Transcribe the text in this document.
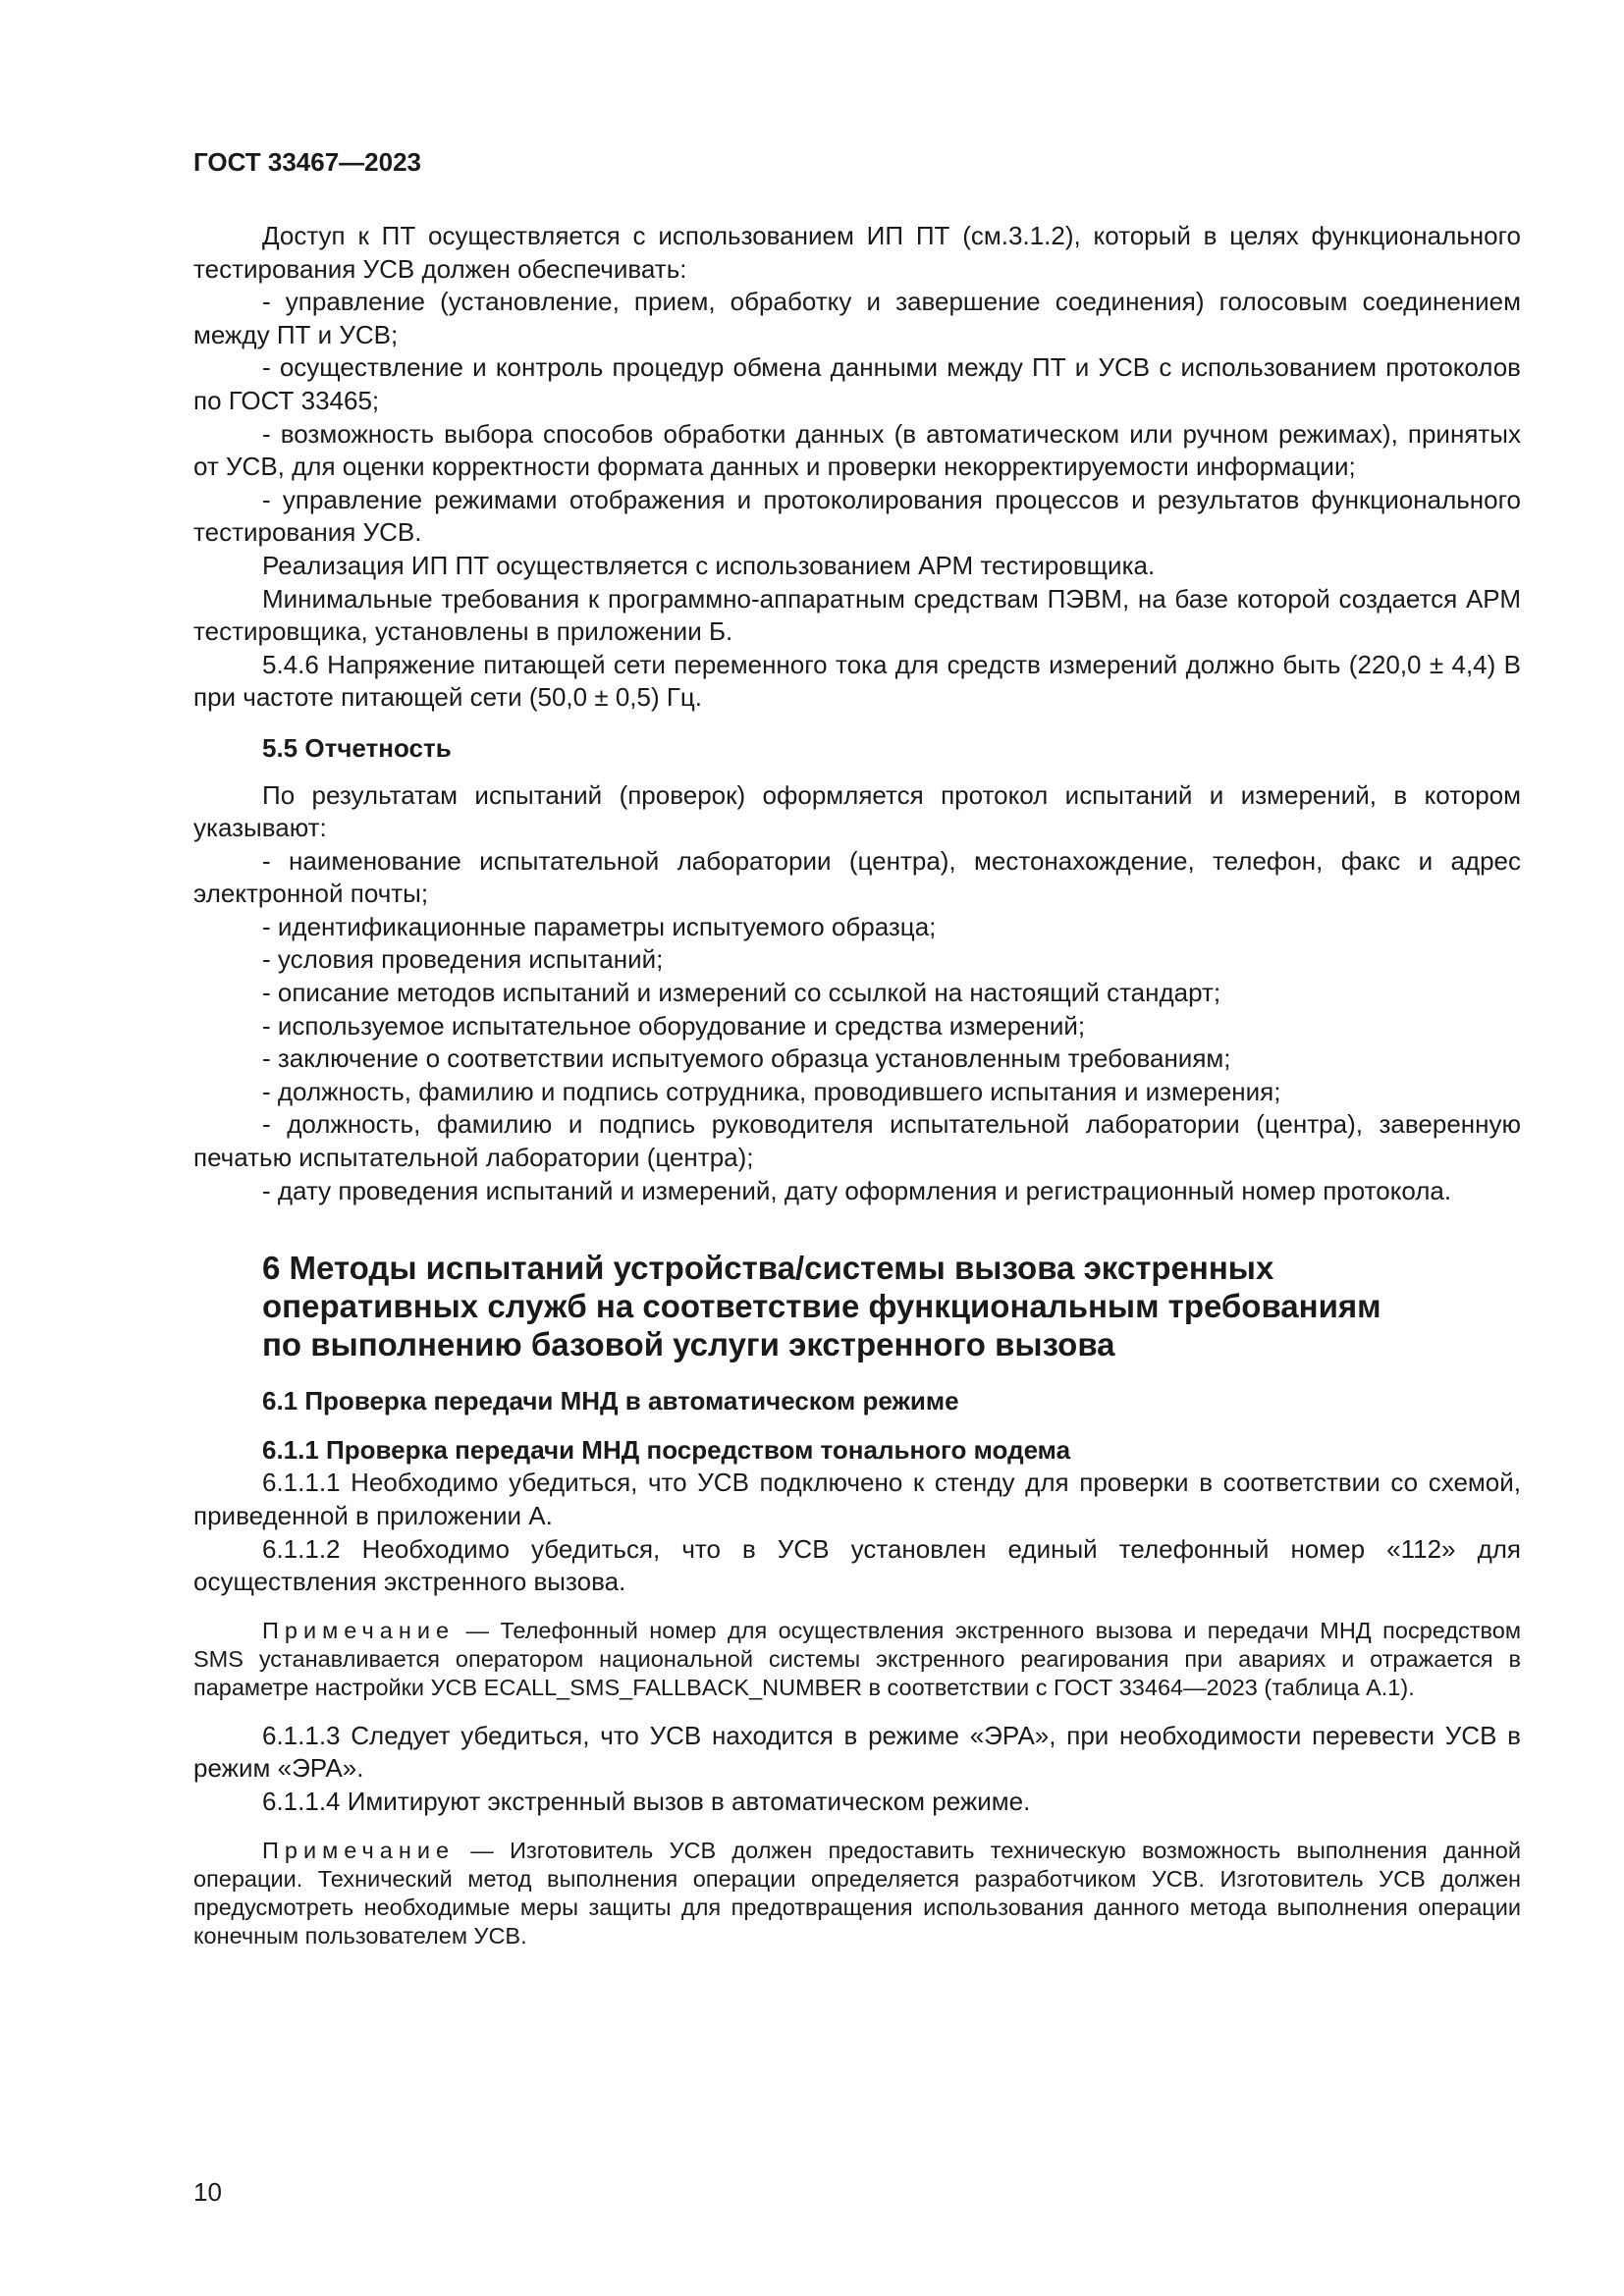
ГОСТ 33467—2023

Доступ к ПТ осуществляется с использованием ИП ПТ (см.3.1.2), который в целях функционального тестирования УСВ должен обеспечивать:

- управление (установление, прием, обработку и завершение соединения) голосовым соединением между ПТ и УСВ;

- осуществление и контроль процедур обмена данными между ПТ и УСВ с использованием протоколов по ГОСТ 33465;

- возможность выбора способов обработки данных (в автоматическом или ручном режимах), принятых от УСВ, для оценки корректности формата данных и проверки некорректируемости информации;

- управление режимами отображения и протоколирования процессов и результатов функционального тестирования УСВ.

Реализация ИП ПТ осуществляется с использованием АРМ тестировщика.

Минимальные требования к программно-аппаратным средствам ПЭВМ, на базе которой создается АРМ тестировщика, установлены в приложении Б.

5.4.6 Напряжение питающей сети переменного тока для средств измерений должно быть (220,0 ± 4,4) В при частоте питающей сети (50,0 ± 0,5) Гц.

5.5 Отчетность

По результатам испытаний (проверок) оформляется протокол испытаний и измерений, в котором указывают:

- наименование испытательной лаборатории (центра), местонахождение, телефон, факс и адрес электронной почты;

- идентификационные параметры испытуемого образца;

- условия проведения испытаний;

- описание методов испытаний и измерений со ссылкой на настоящий стандарт;

- используемое испытательное оборудование и средства измерений;

- заключение о соответствии испытуемого образца установленным требованиям;

- должность, фамилию и подпись сотрудника, проводившего испытания и измерения;

- должность, фамилию и подпись руководителя испытательной лаборатории (центра), заверенную печатью испытательной лаборатории (центра);

- дату проведения испытаний и измерений, дату оформления и регистрационный номер протокола.

6 Методы испытаний устройства/системы вызова экстренных
оперативных служб на соответствие функциональным требованиям
по выполнению базовой услуги экстренного вызова

6.1 Проверка передачи МНД в автоматическом режиме

6.1.1 Проверка передачи МНД посредством тонального модема

6.1.1.1 Необходимо убедиться, что УСВ подключено к стенду для проверки в соответствии со схемой, приведенной в приложении А.

6.1.1.2 Необходимо убедиться, что в УСВ установлен единый телефонный номер «112» для осуществления экстренного вызова.

Примечание — Телефонный номер для осуществления экстренного вызова и передачи МНД посредством SMS устанавливается оператором национальной системы экстренного реагирования при авариях и отражается в параметре настройки УСВ ECALL_SMS_FALLBACK_NUMBER в соответствии с ГОСТ 33464—2023 (таблица А.1).

6.1.1.3 Следует убедиться, что УСВ находится в режиме «ЭРА», при необходимости перевести УСВ в режим «ЭРА».

6.1.1.4 Имитируют экстренный вызов в автоматическом режиме.

Примечание — Изготовитель УСВ должен предоставить техническую возможность выполнения данной операции. Технический метод выполнения операции определяется разработчиком УСВ. Изготовитель УСВ должен предусмотреть необходимые меры защиты для предотвращения использования данного метода выполнения операции конечным пользователем УСВ.

10
